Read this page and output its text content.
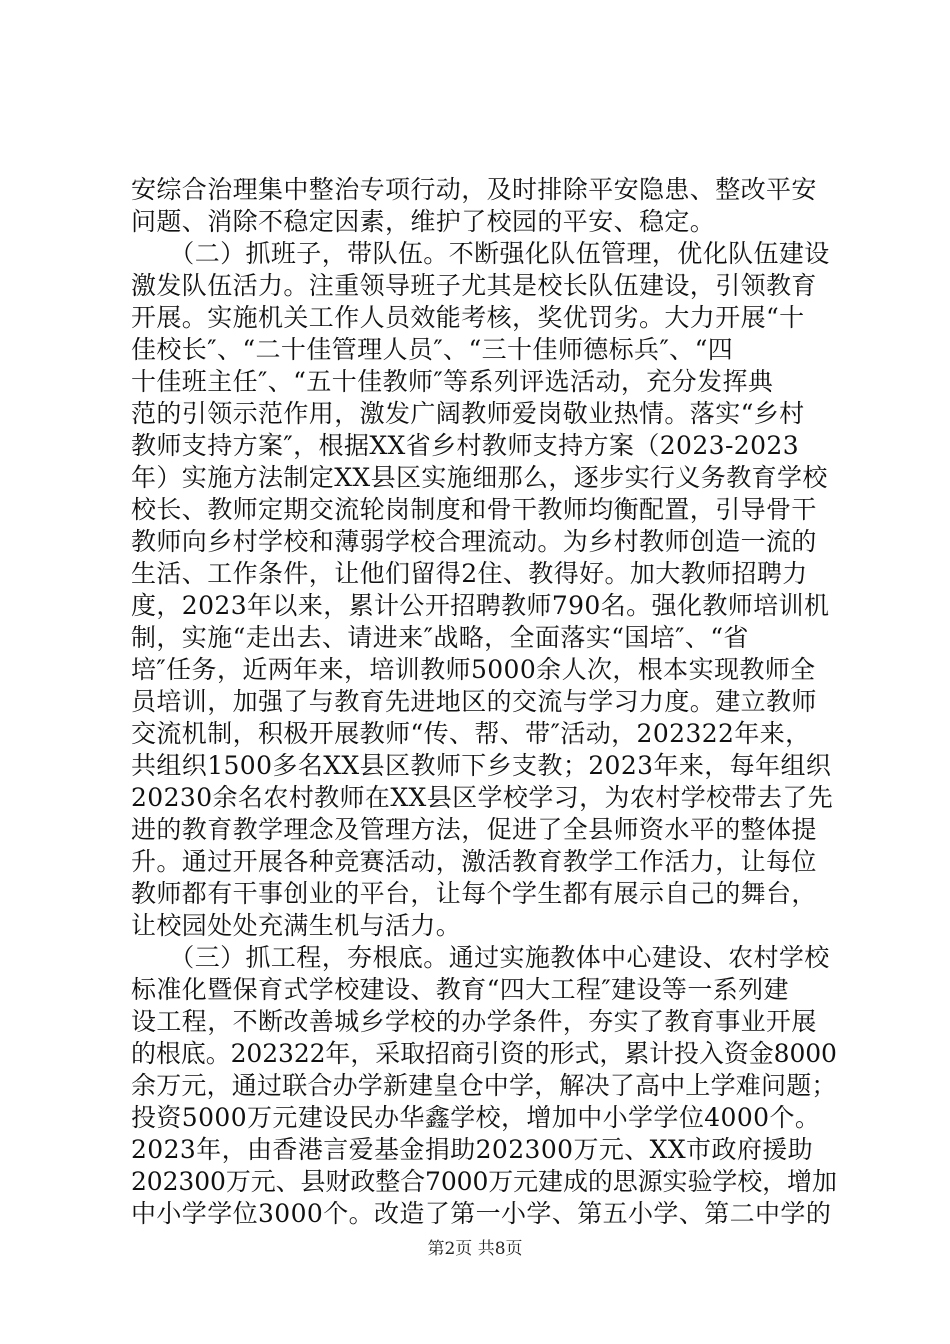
安综合治理集中整治专项行动，及时排除平安隐患、整改平安
问题、消除不稳定因素，维护了校园的平安、稳定。
　　（二）抓班子，带队伍。不断强化队伍管理，优化队伍建设
激发队伍活力。注重领导班子尤其是校长队伍建设，引领教育
开展。实施机关工作人员效能考核，奖优罚劣。大力开展“十
佳校长″、“二十佳管理人员″、“三十佳师德标兵″、“四
十佳班主任″、“五十佳教师″等系列评选活动，充分发挥典
范的引领示范作用，激发广阔教师爱岗敬业热情。落实“乡村
教师支持方案″，根据XX省乡村教师支持方案（2023-2023
年）实施方法制定XX县区实施细那么，逐步实行义务教育学校
校长、教师定期交流轮岗制度和骨干教师均衡配置，引导骨干
教师向乡村学校和薄弱学校合理流动。为乡村教师创造一流的
生活、工作条件，让他们留得2住、教得好。加大教师招聘力
度，2023年以来，累计公开招聘教师790名。强化教师培训机
制，实施“走出去、请进来″战略，全面落实“国培″、“省
培″任务，近两年来，培训教师5000余人次，根本实现教师全
员培训，加强了与教育先进地区的交流与学习力度。建立教师
交流机制，积极开展教师“传、帮、带″活动，202322年来，
共组织1500多名XX县区教师下乡支教；2023年来，每年组织
20230余名农村教师在XX县区学校学习，为农村学校带去了先
进的教育教学理念及管理方法，促进了全县师资水平的整体提
升。通过开展各种竞赛活动，激活教育教学工作活力，让每位
教师都有干事创业的平台，让每个学生都有展示自己的舞台，
让校园处处充满生机与活力。
　　（三）抓工程，夯根底。通过实施教体中心建设、农村学校
标准化暨保育式学校建设、教育“四大工程″建设等一系列建
设工程，不断改善城乡学校的办学条件，夯实了教育事业开展
的根底。202322年，采取招商引资的形式，累计投入资金8000
余万元，通过联合办学新建皇仓中学，解决了高中上学难问题；
投资5000万元建设民办华鑫学校，增加中小学学位4000个。
2023年，由香港言爱基金捐助202300万元、XX市政府援助
202300万元、县财政整合7000万元建成的思源实验学校，增加
中小学学位3000个。改造了第一小学、第五小学、第二中学的
第2页 共8页
